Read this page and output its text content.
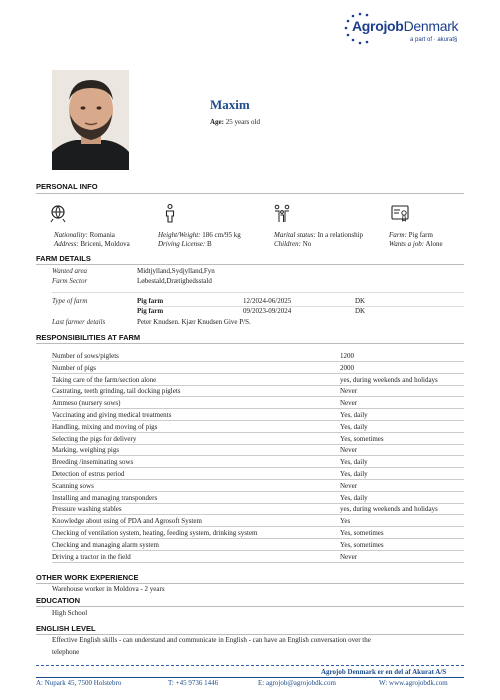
AgrojobDenmark
a part of · akurat§
Maxim
Age: 25 years old
PERSONAL INFO
Nationality: Romania
Address: Briceni, Moldova
Height/Weight: 186 cm/95 kg
Driving License: B
Marital status: In a relationship
Children: No
Farm: Pig farm
Wants a job: Alone
FARM DETAILS
Wanted area	Midtjylland,Sydjylland,Fyn
Farm Sector	Løbestald,Drætighedsstald
Type of farm	Pig farm	12/2024-06/2025	DK
Pig farm	09/2023-09/2024	DK
Last farmer details	Peter Knudsen. Kjær Knudsen Give P/S.
RESPONSIBILITIES AT FARM
Number of sows/piglets	1200
Number of pigs	2000
Taking care of the farm/section alone	yes, during weekends and holidays
Castrating, teeth grinding, tail docking piglets	Never
Ammeso (nursery sows)	Never
Vaccinating and giving medical treatments	Yes, daily
Handling, mixing and moving of pigs	Yes, daily
Selecting the pigs for delivery	Yes, sometimes
Marking, weighing pigs	Never
Breeding /inseminating sows	Yes, daily
Detection of estrus period	Yes, daily
Scanning sows	Never
Installing and managing transponders	Yes, daily
Pressure washing stables	yes, during weekends and holidays
Knowledge about using of PDA and Agrosoft System	Yes
Checking of ventilation system, heating, feeding system, drinking system	Yes, sometimes
Checking and managing alarm system	Yes, sometimes
Driving a tractor in the field	Never
OTHER WORK EXPERIENCE
Warehouse worker in Moldova - 2 years
EDUCATION
High School
ENGLISH LEVEL
Effective English skills - can understand and communicate in English - can have an English conversation over the
telephone
Agrojob Denmark er en del af Akurat A/S
A: Nupark 45, 7500 Holstebro	T: +45 9736 1446	E: agrojob@agrojobdk.com	W: www.agrojobdk.com
